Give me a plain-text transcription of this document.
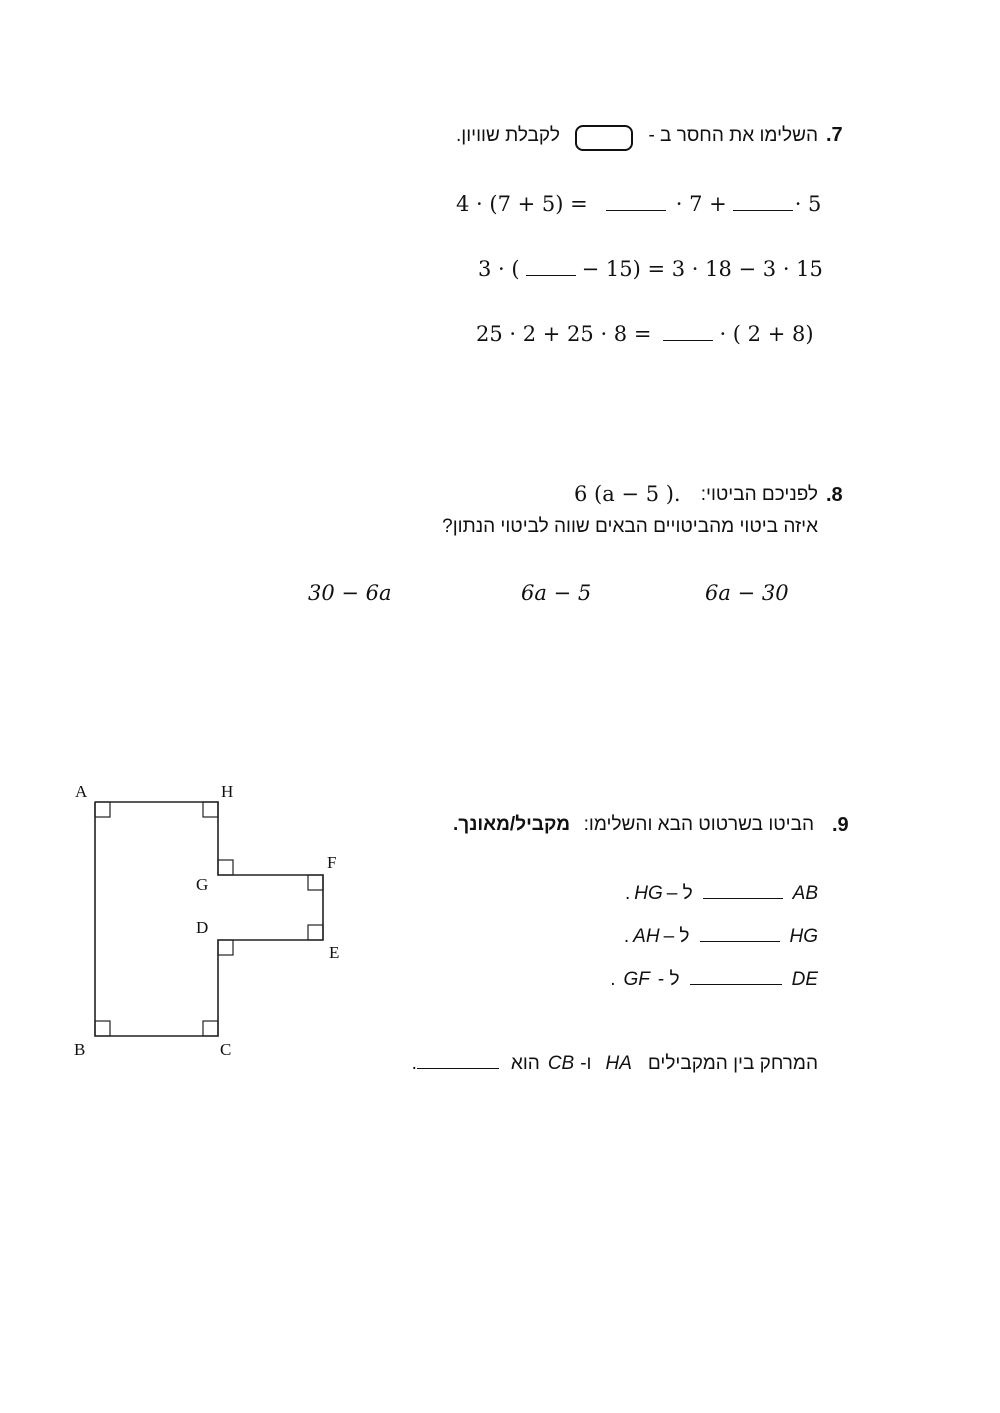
.7
השלימו את החסר ב -
לקבלת שוויון.
4 · (7 + 5) =	· 7 +	· 5
3 · (	− 15) = 3 · 18 − 3 · 15
25 · 2 + 25 · 8 =	· ( 2 + 8)
.8
לפניכם הביטוי:
6 (a − 5 ).
איזה ביטוי מהביטויים הבאים שווה לביטוי הנתון?
6a − 30
6a − 5
30 − 6a
A	H
F
G
D
E
B	C
.9
הביטו בשרטוט הבא והשלימו:
מקביל/מאונך.
AB
ל –
HG
.
HG
ל –
AH
.
DE
ל -
GF
.
המרחק בין המקבילים
HA
ו-
CB
הוא
.
